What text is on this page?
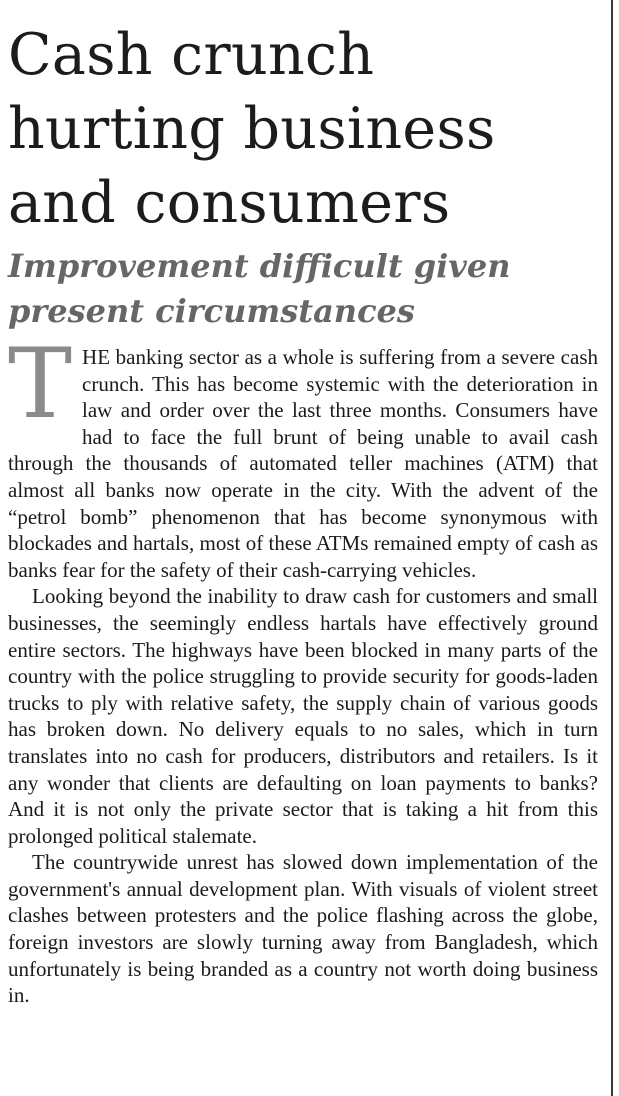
Cash crunch hurting business and consumers
Improvement difficult given present circumstances

THE banking sector as a whole is suffering from a severe cash crunch. This has become systemic with the deterioration in law and order over the last three months. Consumers have had to face the full brunt of being unable to avail cash through the thousands of automated teller machines (ATM) that almost all banks now operate in the city. With the advent of the “petrol bomb” phenomenon that has become synonymous with blockades and hartals, most of these ATMs remained empty of cash as banks fear for the safety of their cash-carrying vehicles.

Looking beyond the inability to draw cash for customers and small businesses, the seemingly endless hartals have effectively ground entire sectors. The highways have been blocked in many parts of the country with the police struggling to provide security for goods-laden trucks to ply with relative safety, the supply chain of various goods has broken down. No delivery equals to no sales, which in turn translates into no cash for producers, distributors and retailers. Is it any wonder that clients are defaulting on loan payments to banks? And it is not only the private sector that is taking a hit from this prolonged political stalemate.

The countrywide unrest has slowed down implementation of the government's annual development plan. With visuals of violent street clashes between protesters and the police flashing across the globe, foreign investors are slowly turning away from Bangladesh, which unfortunately is being branded as a country not worth doing business in.
